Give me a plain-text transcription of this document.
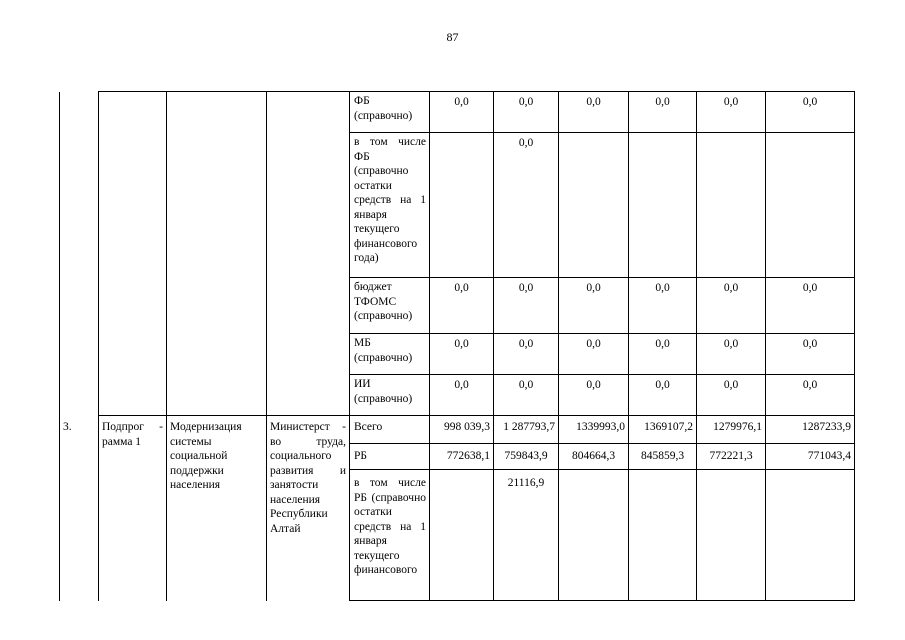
87
				ФБ (справочно)	0,0	0,0	0,0	0,0	0,0	0,0
				в том числе ФБ (справочно остатки средств на 1 января текущего финансового года)		0,0				
				бюджет ТФОМС (справочно)	0,0	0,0	0,0	0,0	0,0	0,0
				МБ (справочно)	0,0	0,0	0,0	0,0	0,0	0,0
				ИИ (справочно)	0,0	0,0	0,0	0,0	0,0	0,0
3.	Подпрог - рамма 1	Модернизация системы социальной поддержки населения	Министерст - во труда, социального развития и занятости населения Республики Алтай	Всего	998 039,3	1 287793,7	1339993,0	1369107,2	1279976,1	1287233,9
				РБ	772638,1	759843,9	804664,3	845859,3	772221,3	771043,4
				в том числе РБ (справочно остатки средств на 1 января текущего финансового		21116,9				
